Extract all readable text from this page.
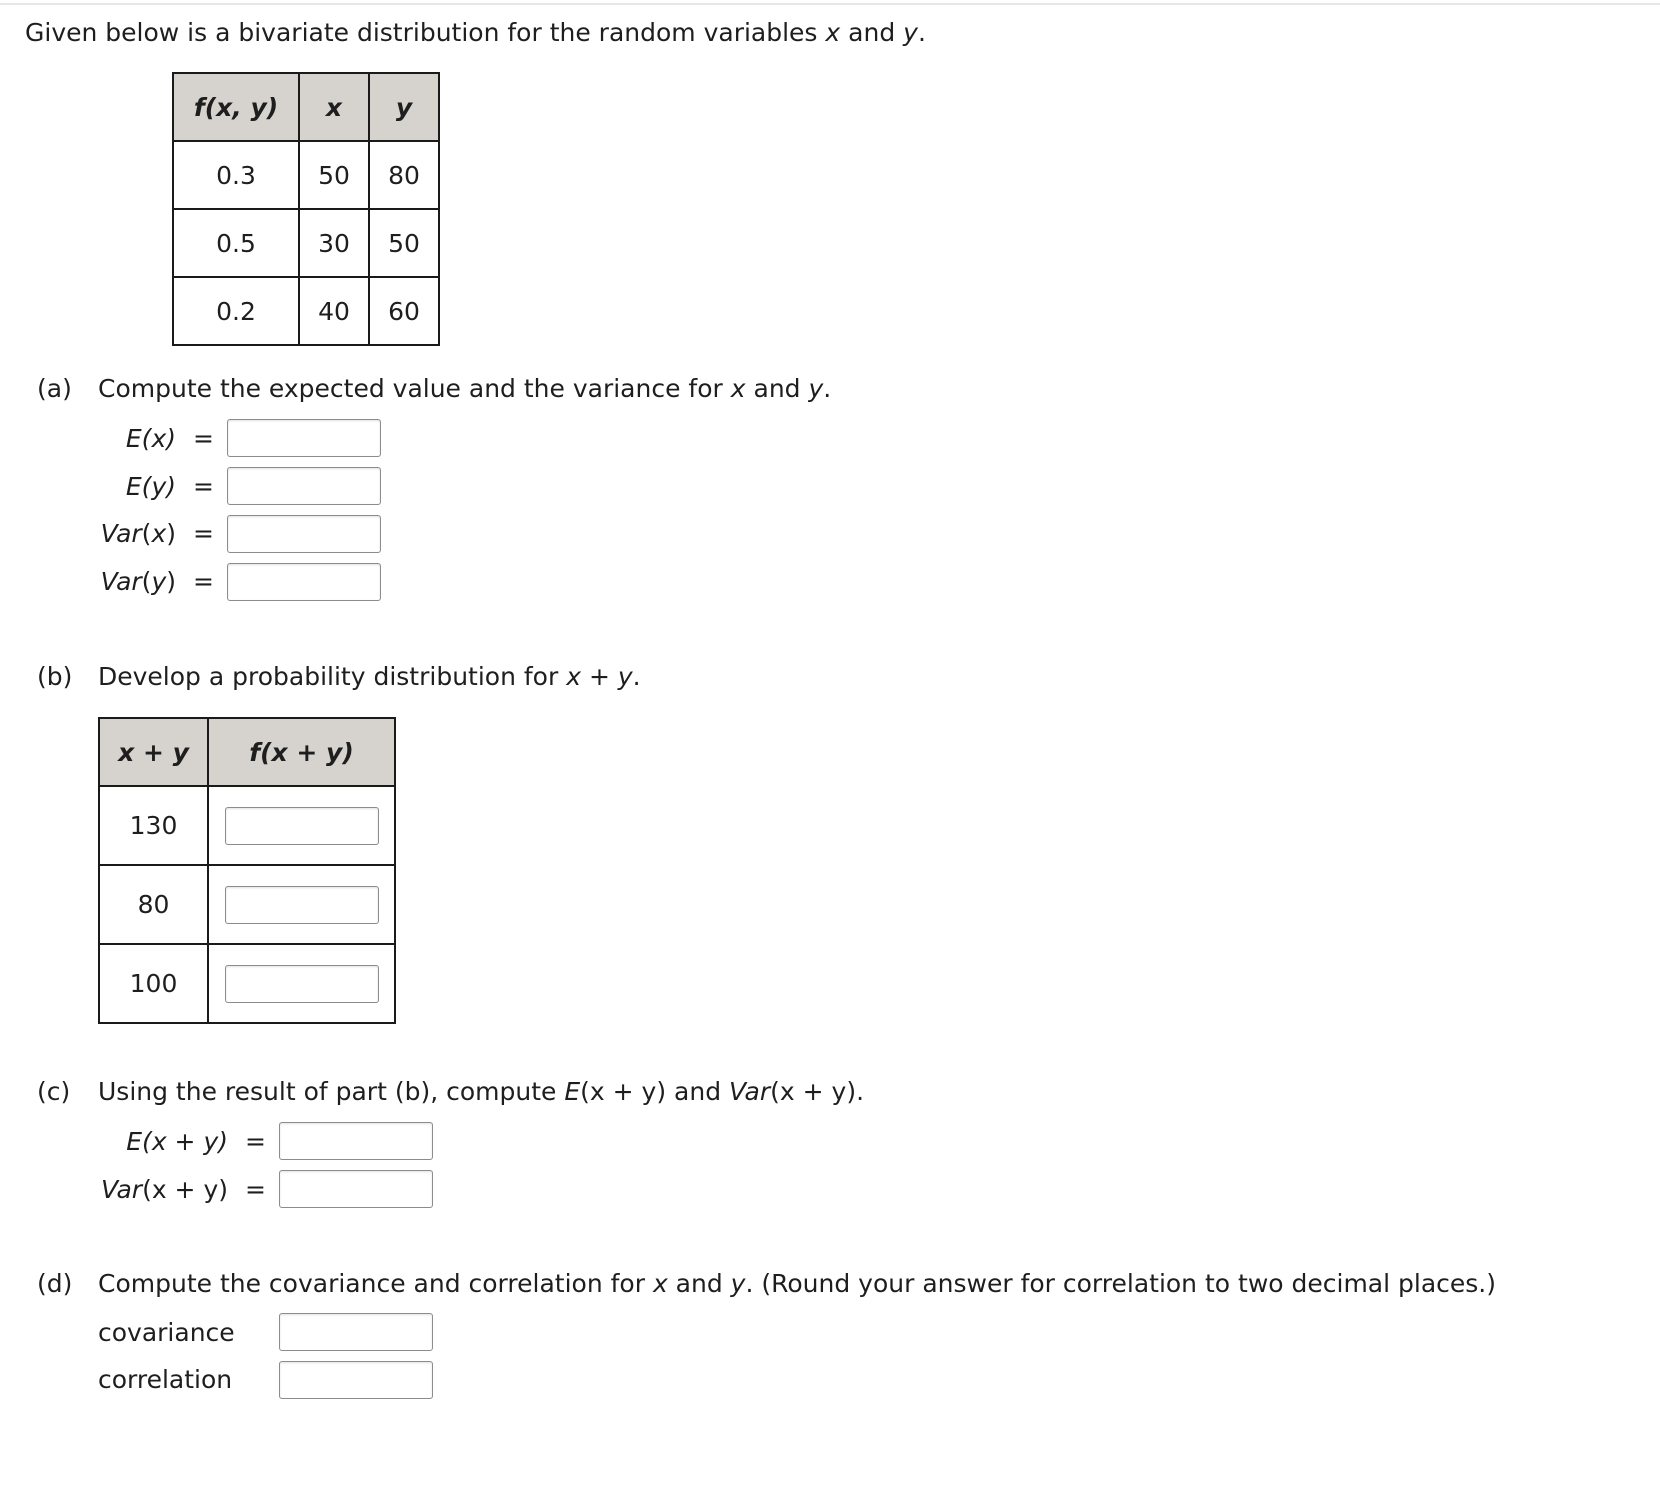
Given below is a bivariate distribution for the random variables x and y.
f(x, y)	x	y
0.3	50	80
0.5	30	50
0.2	40	60
(a) Compute the expected value and the variance for x and y.
E(x) =
E(y) =
Var(x) =
Var(y) =
(b) Develop a probability distribution for x + y.
x + y	f(x + y)
130	

80	

100	
(c) Using the result of part (b), compute E(x + y) and Var(x + y).
E(x + y) =
Var(x + y) =
(d) Compute the covariance and correlation for x and y. (Round your answer for correlation to two decimal places.)
covariance
correlation
